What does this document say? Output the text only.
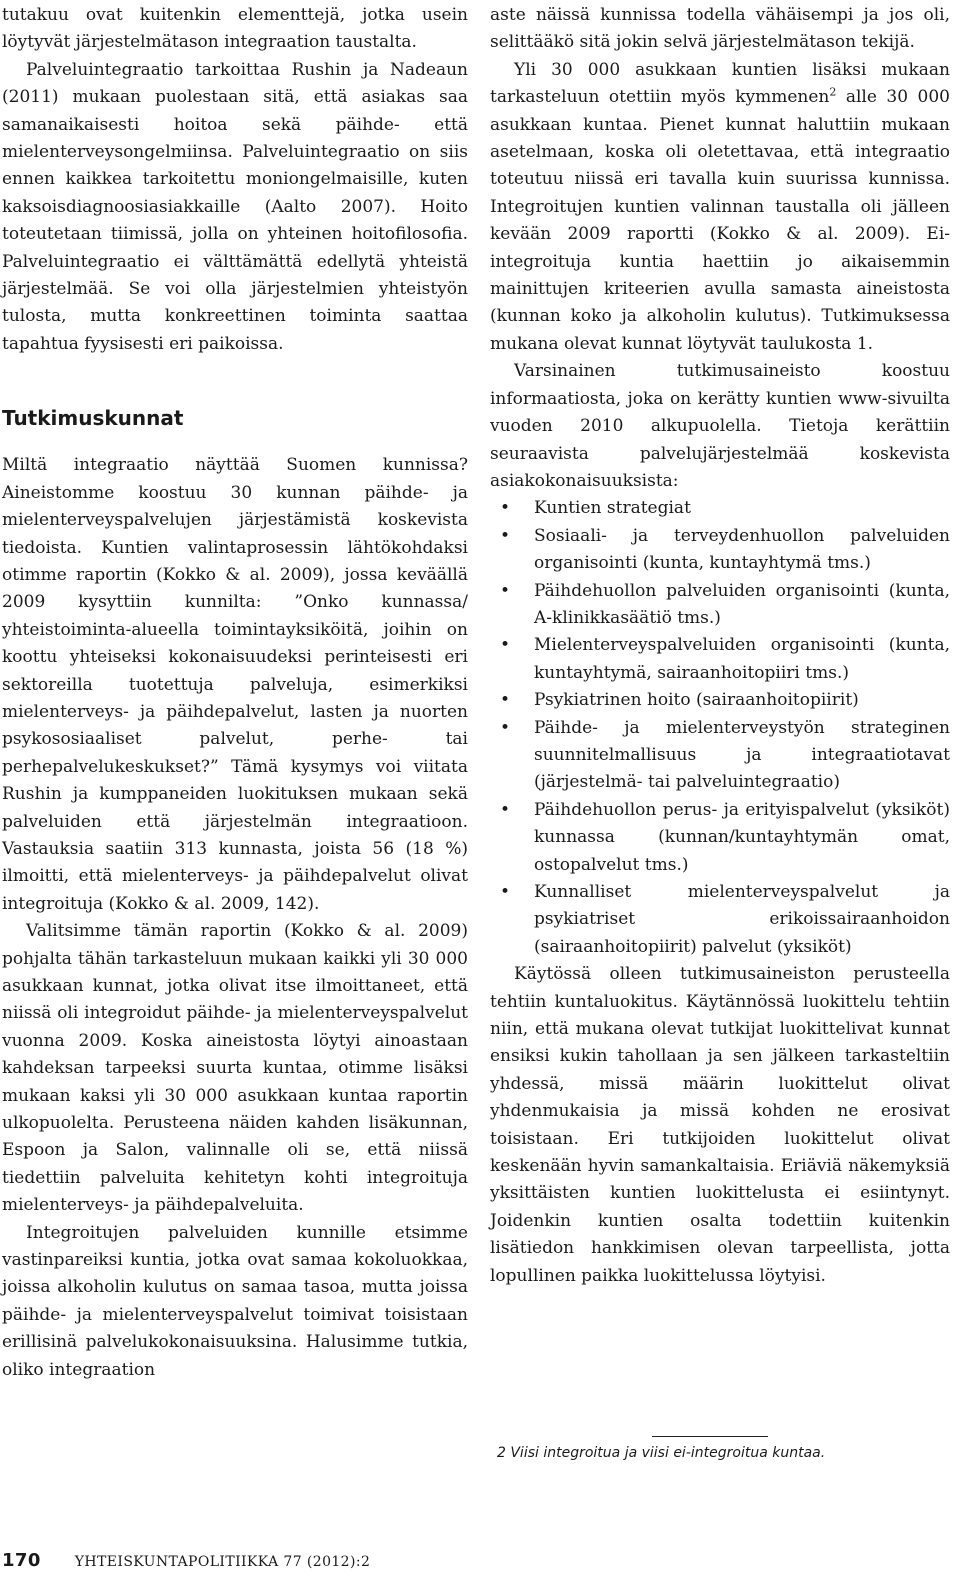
tutakuu ovat kuitenkin elementtejä, jotka usein löytyvät järjestelmätason integraation taustalta.

Palveluintegraatio tarkoittaa Rushin ja Nadeaun (2011) mukaan puolestaan sitä, että asiakas saa samanaikaisesti hoitoa sekä päihde- että mielenterveysongelmiinsa. Palveluintegraatio on siis ennen kaikkea tarkoitettu moniongelmaisille, kuten kaksoisdiagnoosiasiakkaille (Aalto 2007). Hoito toteutetaan tiimissä, jolla on yhteinen hoitofilosofia. Palveluintegraatio ei välttämättä edellytä yhteistä järjestelmää. Se voi olla järjestelmien yhteistyön tulosta, mutta konkreettinen toiminta saattaa tapahtua fyysisesti eri paikoissa.

Tutkimuskunnat

Miltä integraatio näyttää Suomen kunnissa? Aineistomme koostuu 30 kunnan päihde- ja mielenterveyspalvelujen järjestämistä koskevista tiedoista. Kuntien valintaprosessin lähtökohdaksi otimme raportin (Kokko & al. 2009), jossa keväällä 2009 kysyttiin kunnilta: ”Onko kunnassa/ yhteistoiminta-alueella toimintayksiköitä, joihin on koottu yhteiseksi kokonaisuudeksi perinteisesti eri sektoreilla tuotettuja palveluja, esimerkiksi mielenterveys- ja päihdepalvelut, lasten ja nuorten psykososiaaliset palvelut, perhe- tai perhepalvelukeskukset?” Tämä kysymys voi viitata Rushin ja kumppaneiden luokituksen mukaan sekä palveluiden että järjestelmän integraatioon. Vastauksia saatiin 313 kunnasta, joista 56 (18 %) ilmoitti, että mielenterveys- ja päihdepalvelut olivat integroituja (Kokko & al. 2009, 142).

Valitsimme tämän raportin (Kokko & al. 2009) pohjalta tähän tarkasteluun mukaan kaikki yli 30 000 asukkaan kunnat, jotka olivat itse ilmoittaneet, että niissä oli integroidut päihde- ja mielenterveyspalvelut vuonna 2009. Koska aineistosta löytyi ainoastaan kahdeksan tarpeeksi suurta kuntaa, otimme lisäksi mukaan kaksi yli 30 000 asukkaan kuntaa raportin ulkopuolelta. Perusteena näiden kahden lisäkunnan, Espoon ja Salon, valinnalle oli se, että niissä tiedettiin palveluita kehitetyn kohti integroituja mielenterveys- ja päihdepalveluita.

Integroitujen palveluiden kunnille etsimme vastinpareiksi kuntia, jotka ovat samaa kokoluokkaa, joissa alkoholin kulutus on samaa tasoa, mutta joissa päihde- ja mielenterveyspalvelut toimivat toisistaan erillisinä palvelukokonaisuuksina. Halusimme tutkia, oliko integraation

aste näissä kunnissa todella vähäisempi ja jos oli, selittääkö sitä jokin selvä järjestelmätason tekijä.

Yli 30 000 asukkaan kuntien lisäksi mukaan tarkasteluun otettiin myös kymmenen$^2$ alle 30 000 asukkaan kuntaa. Pienet kunnat haluttiin mukaan asetelmaan, koska oli oletettavaa, että integraatio toteutuu niissä eri tavalla kuin suurissa kunnissa. Integroitujen kuntien valinnan taustalla oli jälleen kevään 2009 raportti (Kokko & al. 2009). Ei-integroituja kuntia haettiin jo aikaisemmin mainittujen kriteerien avulla samasta aineistosta (kunnan koko ja alkoholin kulutus). Tutkimuksessa mukana olevat kunnat löytyvät taulukosta 1.

Varsinainen tutkimusaineisto koostuu informaatiosta, joka on kerätty kuntien www-sivuilta vuoden 2010 alkupuolella. Tietoja kerättiin seuraavista palvelujärjestelmää koskevista asiakokonaisuuksista:

• Kuntien strategiat
• Sosiaali- ja terveydenhuollon palveluiden organisointi (kunta, kuntayhtymä tms.)
• Päihdehuollon palveluiden organisointi (kunta, A-klinikkasäätiö tms.)
• Mielenterveyspalveluiden organisointi (kunta, kuntayhtymä, sairaanhoitopiiri tms.)
• Psykiatrinen hoito (sairaanhoitopiirit)
• Päihde- ja mielenterveystyön strateginen suunnitelmallisuus ja integraatiotavat (järjestelmä- tai palveluintegraatio)
• Päihdehuollon perus- ja erityispalvelut (yksiköt) kunnassa (kunnan/kuntayhtymän omat, ostopalvelut tms.)
• Kunnalliset mielenterveyspalvelut ja psykiatriset erikoissairaanhoidon (sairaanhoitopiirit) palvelut (yksiköt)

Käytössä olleen tutkimusaineiston perusteella tehtiin kuntaluokitus. Käytännössä luokittelu tehtiin niin, että mukana olevat tutkijat luokittelivat kunnat ensiksi kukin tahollaan ja sen jälkeen tarkasteltiin yhdessä, missä määrin luokittelut olivat yhdenmukaisia ja missä kohden ne erosivat toisistaan. Eri tutkijoiden luokittelut olivat keskenään hyvin samankaltaisia. Eriäviä näkemyksiä yksittäisten kuntien luokittelusta ei esiintynyt. Joidenkin kuntien osalta todettiin kuitenkin lisätiedon hankkimisen olevan tarpeellista, jotta lopullinen paikka luokittelussa löytyisi.

2 Viisi integroitua ja viisi ei-integroitua kuntaa.
170 YHTEISKUNTAPOLITIIKKA 77 (2012):2
